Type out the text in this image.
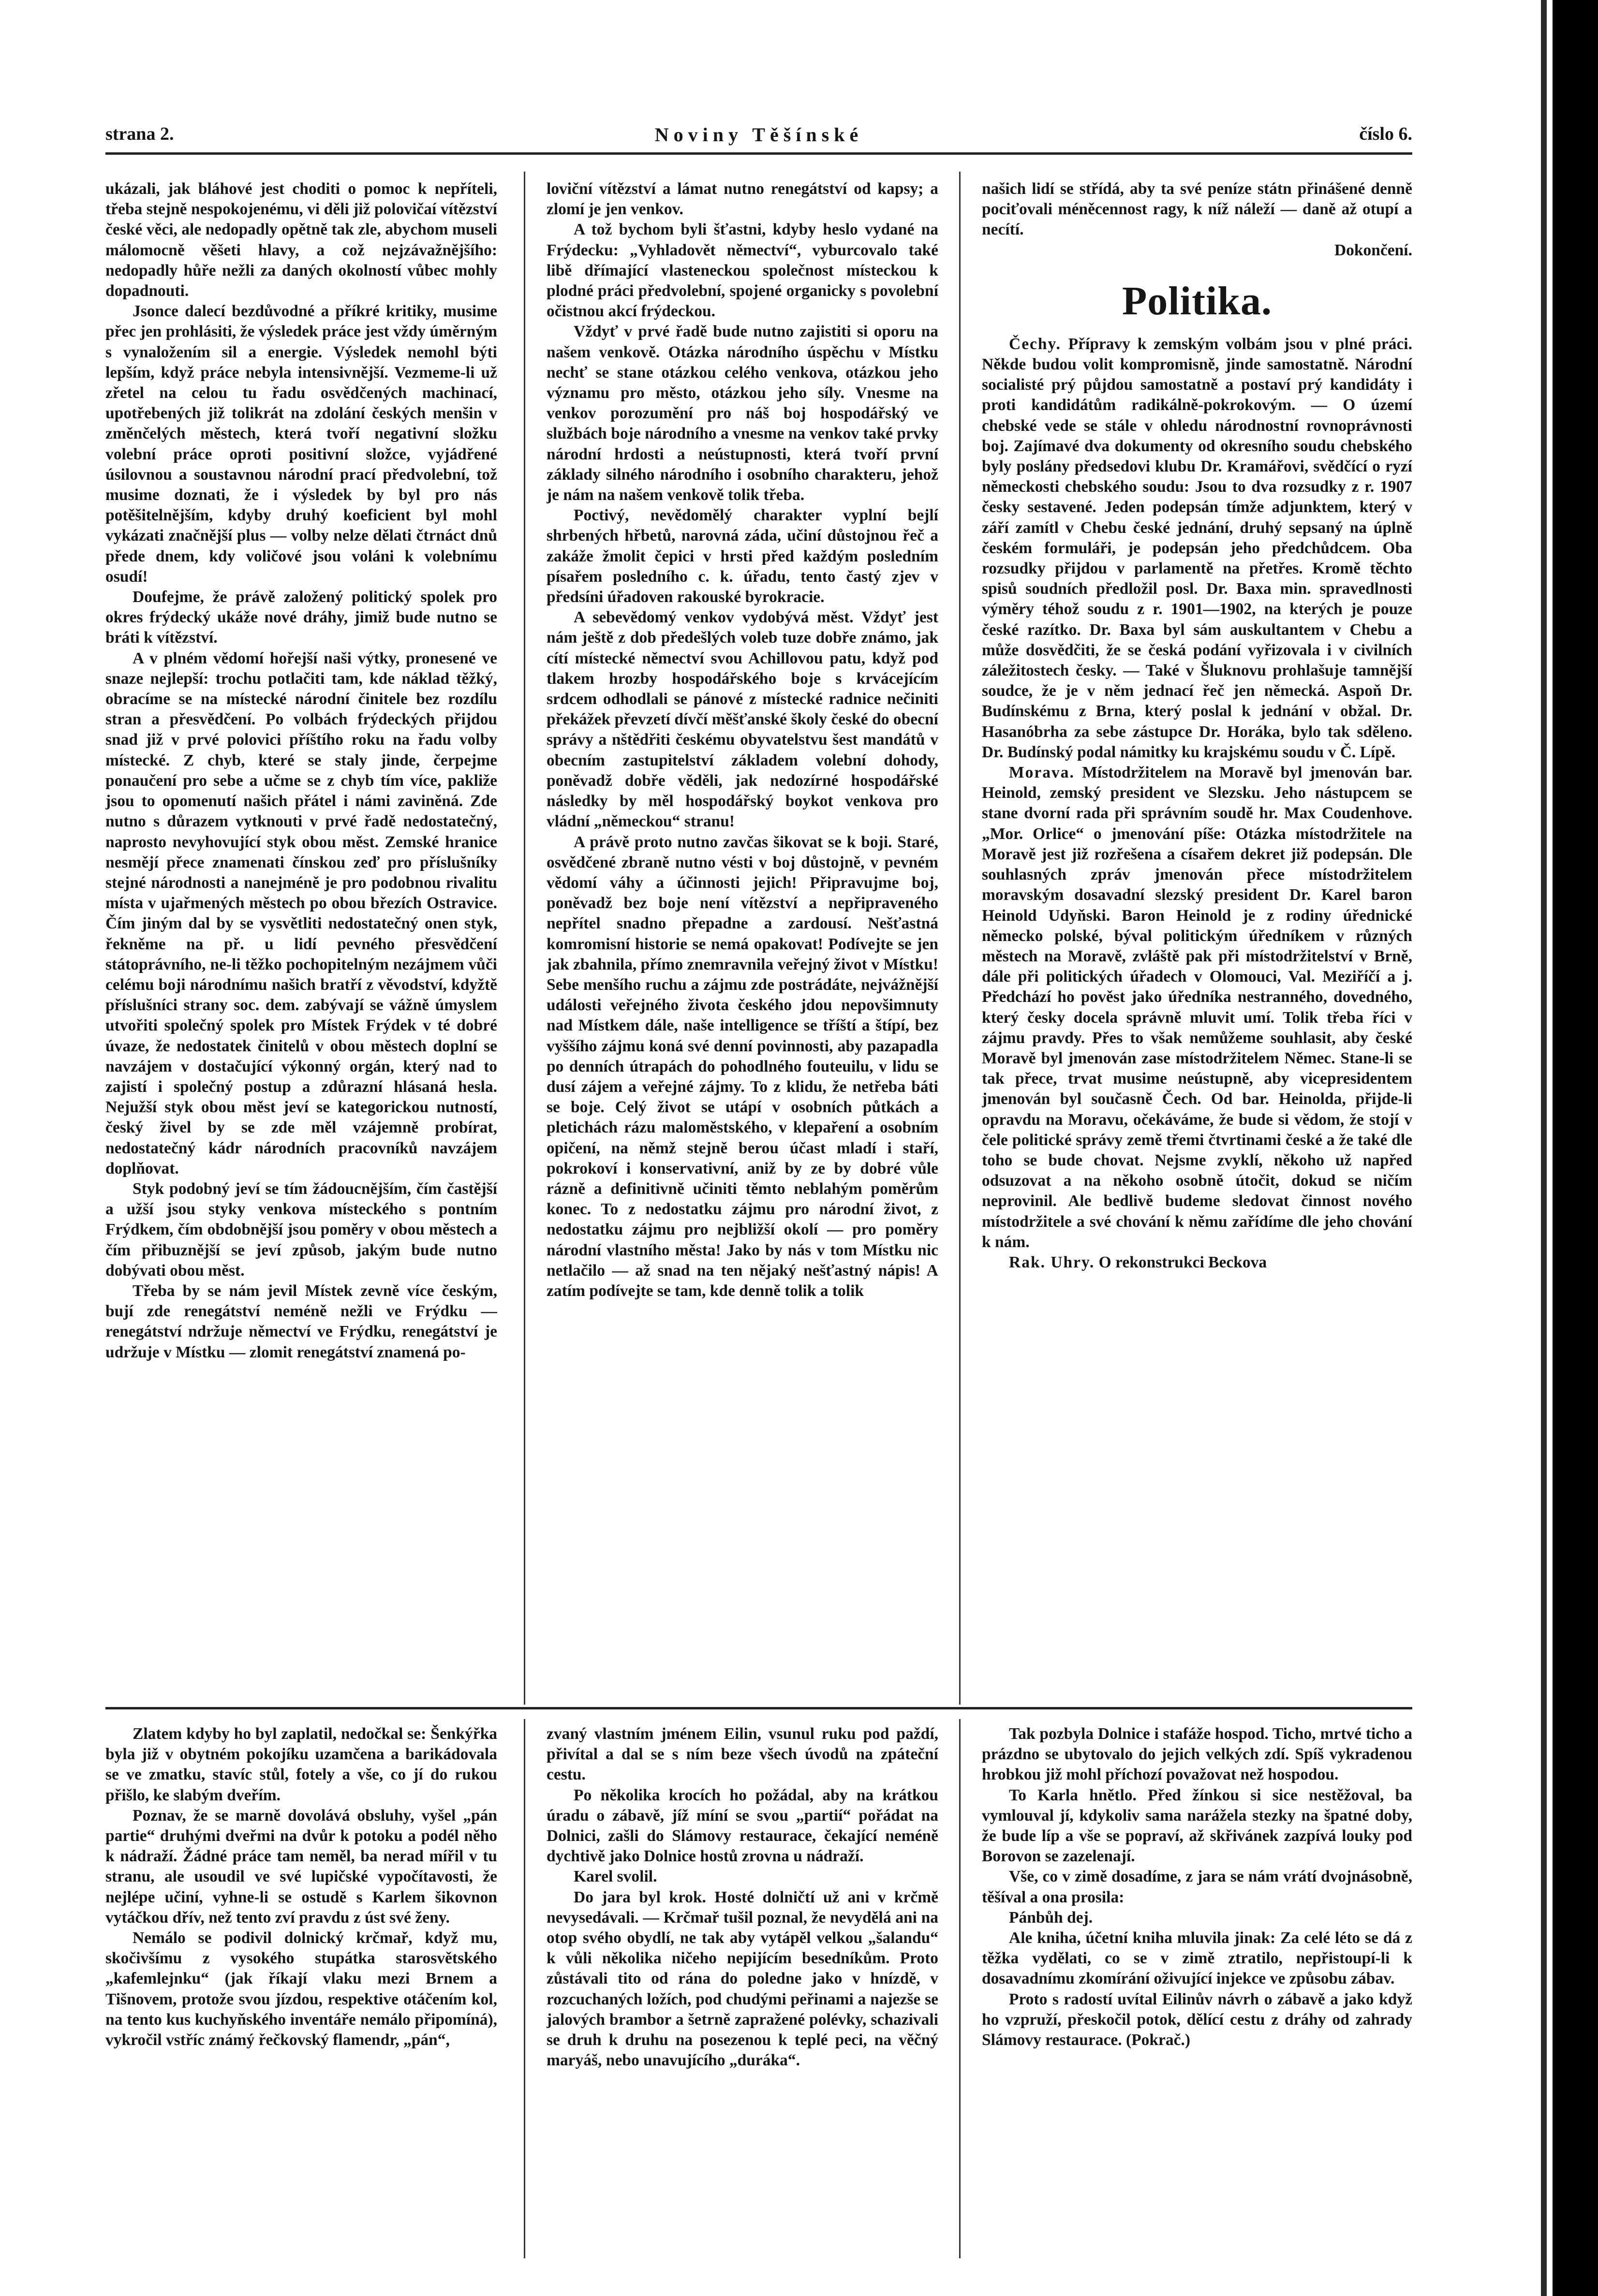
strana 2.	Noviny Těšínské	číslo 6.

ukázali, jak bláhové jest choditi o pomoc k nepříteli, třeba stejně nespokojenému, vi děli již polovičaí vítězství české věci, ale nedopadly opětně tak zle, abychom museli málomocně věšeti hlavy, a což nejzávažnějšího: nedopadly hůře nežli za daných okolností vůbec mohly dopadnouti.

Jsonce dalecí bezdůvodné a příkré kritiky, musime přec jen prohlásiti, že výsledek práce jest vždy úměrným s vynaložením sil a energie. Výsledek nemohl býti lepším, když práce nebyla intensivnější. Vezmeme-li už zřetel na celou tu řadu osvědčených machinací, upotřebených již tolikrát na zdolání českých menšin v změnčelých městech, která tvoří negativní složku volební práce oproti positivní složce, vyjádřené úsilovnou a soustavnou národní prací předvolební, tož musime doznati, že i výsledek by byl pro nás potěšitelnějším, kdyby druhý koeficient byl mohl vykázati značnější plus — volby nelze dělati čtrnáct dnů přede dnem, kdy voličové jsou voláni k volebnímu osudí!

Doufejme, že právě založený politický spolek pro okres frýdecký ukáže nové dráhy, jimiž bude nutno se bráti k vítězství.

A v plném vědomí hořejší naši výtky, pronesené ve snaze nejlepší: trochu potlačiti tam, kde náklad těžký, obracíme se na místecké národní činitele bez rozdílu stran a přesvědčení. Po volbách frýdeckých přijdou snad již v prvé polovici příštího roku na řadu volby místecké. Z chyb, které se staly jinde, čerpejme ponaučení pro sebe a učme se z chyb tím více, pakliže jsou to opomenutí našich přátel i námi zaviněná. Zde nutno s důrazem vytknouti v prvé řadě nedostatečný, naprosto nevyhovující styk obou měst. Zemské hranice nesmějí přece znamenati čínskou zeď pro příslušníky stejné národnosti a nanejméně je pro podobnou rivalitu místa v ujařmených městech po obou březích Ostravice. Čím jiným dal by se vysvětliti nedostatečný onen styk, řekněme na př. u lidí pevného přesvědčení státoprávního, ne-li těžko pochopitelným nezájmem vůči celému boji národnímu našich bratří z věvodství, kdyžtě příslušníci strany soc. dem. zabývají se vážně úmyslem utvořiti společný spolek pro Místek Frýdek v té dobré úvaze, že nedostatek činitelů v obou městech doplní se navzájem v dostačující výkonný orgán, který nad to zajistí i společný postup a zdůrazní hlásaná hesla. Nejužší styk obou měst jeví se kategorickou nutností, český živel by se zde měl vzájemně probírat, nedostatečný kádr národních pracovníků navzájem doplňovat.

Styk podobný jeví se tím žádoucnějším, čím častější a užší jsou styky venkova místeckého s pontním Frýdkem, čím obdobnější jsou poměry v obou městech a čím přibuznější se jeví způsob, jakým bude nutno dobývati obou měst.

Třeba by se nám jevil Místek zevně více českým, bují zde renegátství neméně nežli ve Frýdku — renegátství ndržuje němectví ve Frýdku, renegátství je udržuje v Místku — zlomit renegátství znamená po-

loviční vítězství a lámat nutno renegátství od kapsy; a zlomí je jen venkov.

A tož bychom byli šťastni, kdyby heslo vydané na Frýdecku: „Vyhladovět němectví“, vyburcovalo také libě dřímající vlasteneckou společnost místeckou k plodné práci předvolební, spojené organicky s povolební očistnou akcí frýdeckou.

Vždyť v prvé řadě bude nutno zajistiti si oporu na našem venkově. Otázka národního úspěchu v Místku nechť se stane otázkou celého venkova, otázkou jeho významu pro město, otázkou jeho síly. Vnesme na venkov porozumění pro náš boj hospodářský ve službách boje národního a vnesme na venkov také prvky národní hrdosti a neústupnosti, která tvoří první základy silného národního i osobního charakteru, jehož je nám na našem venkově tolik třeba.

Poctivý, nevědomělý charakter vyplní bejlí shrbených hřbetů, narovná záda, učiní důstojnou řeč a zakáže žmolit čepici v hrsti před každým posledním písařem posledního c. k. úřadu, tento častý zjev v předsíni úřadoven rakouské byrokracie.

A sebevědomý venkov vydobývá měst. Vždyť jest nám ještě z dob předešlých voleb tuze dobře známo, jak cítí místecké němectví svou Achillovou patu, když pod tlakem hrozby hospodářského boje s krvácejícím srdcem odhodlali se pánové z místecké radnice nečiniti překážek převzetí dívčí měšťanské školy české do obecní správy a nštědřiti českému obyvatelstvu šest mandátů v obecním zastupitelství základem volební dohody, poněvadž dobře věděli, jak nedozírné hospodářské následky by měl hospodářský boykot venkova pro vládní „německou“ stranu!

A právě proto nutno zavčas šikovat se k boji. Staré, osvědčené zbraně nutno vésti v boj důstojně, v pevném vědomí váhy a účinnosti jejich! Připravujme boj, poněvadž bez boje není vítězství a nepřipraveného nepřítel snadno přepadne a zardousí. Nešťastná komromisní historie se nemá opakovat! Podívejte se jen jak zbahnila, přímo znemravnila veřejný život v Místku! Sebe menšího ruchu a zájmu zde postrádáte, nejvážnější události veřejného života českého jdou nepovšimnuty nad Místkem dále, naše intelligence se tříští a štípí, bez vyššího zájmu koná své denní povinnosti, aby pazapadla po denních útrapách do pohodlného fouteuilu, v lidu se dusí zájem a veřejné zájmy. To z klidu, že netřeba báti se boje. Celý život se utápí v osobních půtkách a pletichách rázu maloměstského, v klepaření a osobním opičení, na němž stejně berou účast mladí i staří, pokrokoví i konservativní, aniž by ze by dobré vůle rázně a definitivně učiniti těmto neblahým poměrům konec. To z nedostatku zájmu pro národní život, z nedostatku zájmu pro nejbližší okolí — pro poměry národní vlastního města! Jako by nás v tom Místku nic netlačilo — až snad na ten nějaký nešťastný nápis! A zatím podívejte se tam, kde denně tolik a tolik

našich lidí se střídá, aby ta své peníze státn přinášené denně pociťovali méněcennost ragy, k níž náleží — daně až otupí a necítí.

Dokončení.

Politika.

Čechy. Přípravy k zemským volbám jsou v plné práci. Někde budou volit kompromisně, jinde samostatně. Národní socialisté prý půjdou samostatně a postaví prý kandidáty i proti kandidátům radikálně-pokrokovým. — O území chebské vede se stále v ohledu národnostní rovnoprávnosti boj. Zajímavé dva dokumenty od okresního soudu chebského byly poslány předsedovi klubu Dr. Kramářovi, svědčící o ryzí německosti chebského soudu: Jsou to dva rozsudky z r. 1907 česky sestavené. Jeden podepsán tímže adjunktem, který v září zamítl v Chebu české jednání, druhý sepsaný na úplně českém formuláři, je podepsán jeho předchůdcem. Oba rozsudky přijdou v parlamentě na přetřes. Kromě těchto spisů soudních předložil posl. Dr. Baxa min. spravedlnosti výměry téhož soudu z r. 1901—1902, na kterých je pouze české razítko. Dr. Baxa byl sám auskultantem v Chebu a může dosvědčiti, že se česká podání vyřizovala i v civilních záležitostech česky. — Také v Šluknovu prohlašuje tamnější soudce, že je v něm jednací řeč jen německá. Aspoň Dr. Budínskému z Brna, který poslal k jednání v obžal. Dr. Hasanóbrha za sebe zástupce Dr. Horáka, bylo tak sděleno. Dr. Budínský podal námitky ku krajskému soudu v Č. Lípě.

Morava. Místodržitelem na Moravě byl jmenován bar. Heinold, zemský president ve Slezsku. Jeho nástupcem se stane dvorní rada při správním soudě hr. Max Coudenhove. „Mor. Orlice“ o jmenování píše: Otázka místodržitele na Moravě jest již rozřešena a císařem dekret již podepsán. Dle souhlasných zpráv jmenován přece místodržitelem moravským dosavadní slezský president Dr. Karel baron Heinold Udyňski. Baron Heinold je z rodiny úřednické německo polské, býval politickým úředníkem v různých městech na Moravě, zvláště pak při místodržitelství v Brně, dále při politických úřadech v Olomouci, Val. Meziříčí a j. Předchází ho pověst jako úředníka nestranného, dovedného, který česky docela správně mluvit umí. Tolik třeba říci v zájmu pravdy. Přes to však nemůžeme souhlasit, aby české Moravě byl jmenován zase místodržitelem Němec. Stane-li se tak přece, trvat musime neústupně, aby vicepresidentem jmenován byl současně Čech. Od bar. Heinolda, přijde-li opravdu na Moravu, očekáváme, že bude si vědom, že stojí v čele politické správy země třemi čtvrtinami české a že také dle toho se bude chovat. Nejsme zvyklí, někoho už napřed odsuzovat a na někoho osobně útočit, dokud se ničím neprovinil. Ale bedlivě budeme sledovat činnost nového místodržitele a své chování k němu zařídíme dle jeho chování k nám.

Rak. Uhry. O rekonstrukci Beckova

Zlatem kdyby ho byl zaplatil, nedočkal se: Šenkýřka byla již v obytném pokojíku uzamčena a barikádovala se ve zmatku, stavíc stůl, fotely a vše, co jí do rukou přišlo, ke slabým dveřím.

Poznav, že se marně dovolává obsluhy, vyšel „pán partie“ druhými dveřmi na dvůr k potoku a podél něho k nádraží. Žádné práce tam neměl, ba nerad mířil v tu stranu, ale usoudil ve své lupičské vypočítavosti, že nejlépe učiní, vyhne-li se ostudě s Karlem šikovnon vytáčkou dřív, než tento zví pravdu z úst své ženy.

Nemálo se podivil dolnický krčmař, když mu, skočivšímu z vysokého stupátka starosvětského „kafemlejnku“ (jak říkají vlaku mezi Brnem a Tišnovem, protože svou jízdou, respektive otáčením kol, na tento kus kuchyňského inventáře nemálo připomíná), vykročil vstříc známý řečkovský flamendr, „pán“,

zvaný vlastním jménem Eilin, vsunul ruku pod paždí, přivítal a dal se s ním beze všech úvodů na zpáteční cestu.

Po několika krocích ho požádal, aby na krátkou úradu o zábavě, jíž míní se svou „partií“ pořádat na Dolnici, zašli do Slámovy restaurace, čekající neméně dychtivě jako Dolnice hostů zrovna u nádraží.

Karel svolil.

Do jara byl krok. Hosté dolničtí už ani v krčmě nevysedávali. — Krčmař tušil poznal, že nevydělá ani na otop svého obydlí, ne tak aby vytápěl velkou „šalandu“ k vůli několika ničeho nepijícím besedníkům. Proto zůstávali tito od rána do poledne jako v hnízdě, v rozcuchaných ložích, pod chudými peřinami a najezše se jalových brambor a šetrně zapražené polévky, schazivali se druh k druhu na posezenou k teplé peci, na věčný maryáš, nebo unavujícího „duráka“.

Tak pozbyla Dolnice i stafáže hospod. Ticho, mrtvé ticho a prázdno se ubytovalo do jejich velkých zdí. Spíš vykradenou hrobkou již mohl příchozí považovat než hospodou.

To Karla hnětlo. Před žínkou si sice nestěžoval, ba vymlouval jí, kdykoliv sama naráželа stezky na špatné doby, že bude líp a vše se popraví, až skřivánek zazpívá louky pod Borovon se zazelenají.

Vše, co v zimě dosadíme, z jara se nám vrátí dvojnásobně, těšíval a ona prosila:

Pánbůh dej.

Ale kniha, účetní kniha mluvila jinak: Za celé léto se dá z těžka vydělati, co se v zimě ztratilo, nepřistoupí-li k dosavadnímu zkomírání oživující injekce ve způsobu zábav.

Proto s radostí uvítal Eilinův návrh o zábavě a jako když ho vzpruží, přeskočil potok, dělící cestu z dráhy od zahrady Slámovy restaurace. (Pokrač.)
